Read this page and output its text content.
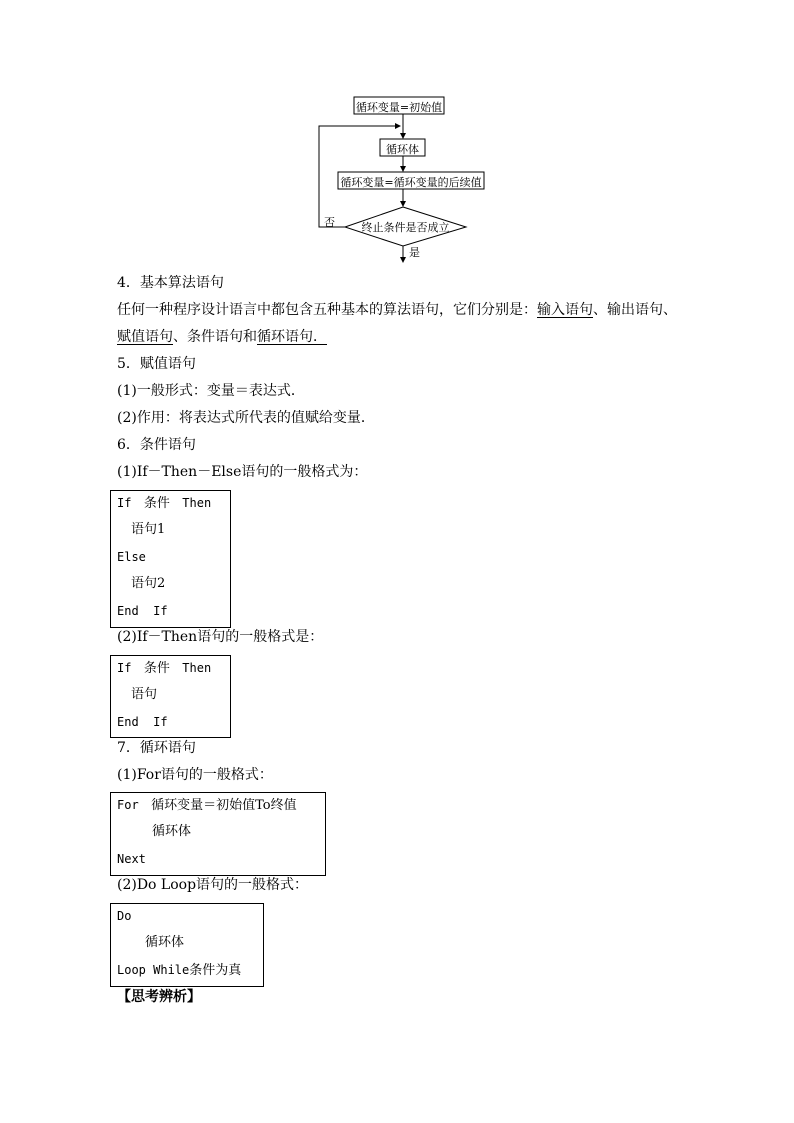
循环变量=初始值
循环体
循环变量=循环变量的后续值
终止条件是否成立
否
是
4．基本算法语句
任何一种程序设计语言中都包含五种基本的算法语句，它们分别是：输入语句、输出语句、
赋值语句、条件语句和循环语句．
5．赋值语句
(1)一般形式：变量＝表达式．
(2)作用：将表达式所代表的值赋给变量．
6．条件语句
(1)If－Then－Else语句的一般格式为：
If 条件 Then
语句1
Else
语句2
End If
(2)If－Then语句的一般格式是：
If 条件 Then
语句
End If
7．循环语句
(1)For语句的一般格式：
For 循环变量＝初始值To终值
循环体
Next
(2)Do Loop语句的一般格式：
Do
循环体
Loop While条件为真
【思考辨析】
